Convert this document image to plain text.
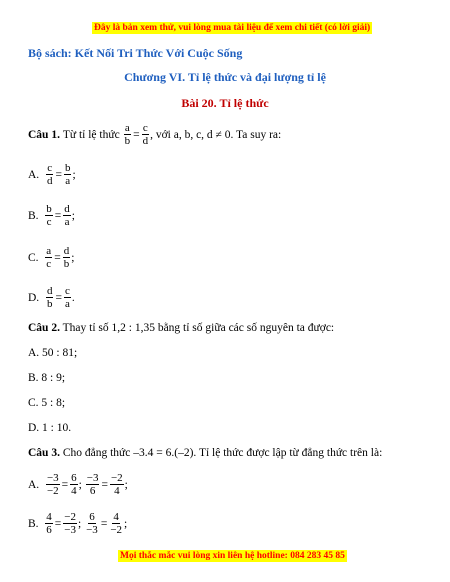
Đây là bản xem thử, vui lòng mua tài liệu để xem chi tiết (có lời giải)
Bộ sách: Kết Nối Tri Thức Với Cuộc Sống
Chương VI. Tỉ lệ thức và đại lượng tỉ lệ
Bài 20. Tỉ lệ thức
Câu 1.
Từ tỉ lệ thức
$\frac{a}{b} = \frac{c}{d}$ , với a, b, c, d ≠ 0. Ta suy ra:
A.
$\frac{c}{d} = \frac{b}{a}$ ;
B.
$\frac{b}{c} = \frac{d}{a}$ ;
C.
$\frac{a}{c} = \frac{d}{b}$ ;
D.
$\frac{d}{b} = \frac{c}{a}$ .
Câu 2. Thay tỉ số 1,2 : 1,35 bằng tỉ số giữa các số nguyên ta được:
A. 50 : 81;
B. 8 : 9;
C. 5 : 8;
D. 1 : 10.
Câu 3. Cho đẳng thức –3.4 = 6.(–2). Tỉ lệ thức được lập từ đẳng thức trên là:
A.
$\frac{-3}{-2} = \frac{6}{4}$ ;
$\frac{-3}{6} = \frac{-2}{4}$ ;
B.
$\frac{4}{6} = \frac{-2}{-3}$ ;
$\frac{6}{-3} = \frac{4}{-2}$ ;
Mọi thắc mắc vui lòng xin liên hệ hotline: 084 283 45 85
